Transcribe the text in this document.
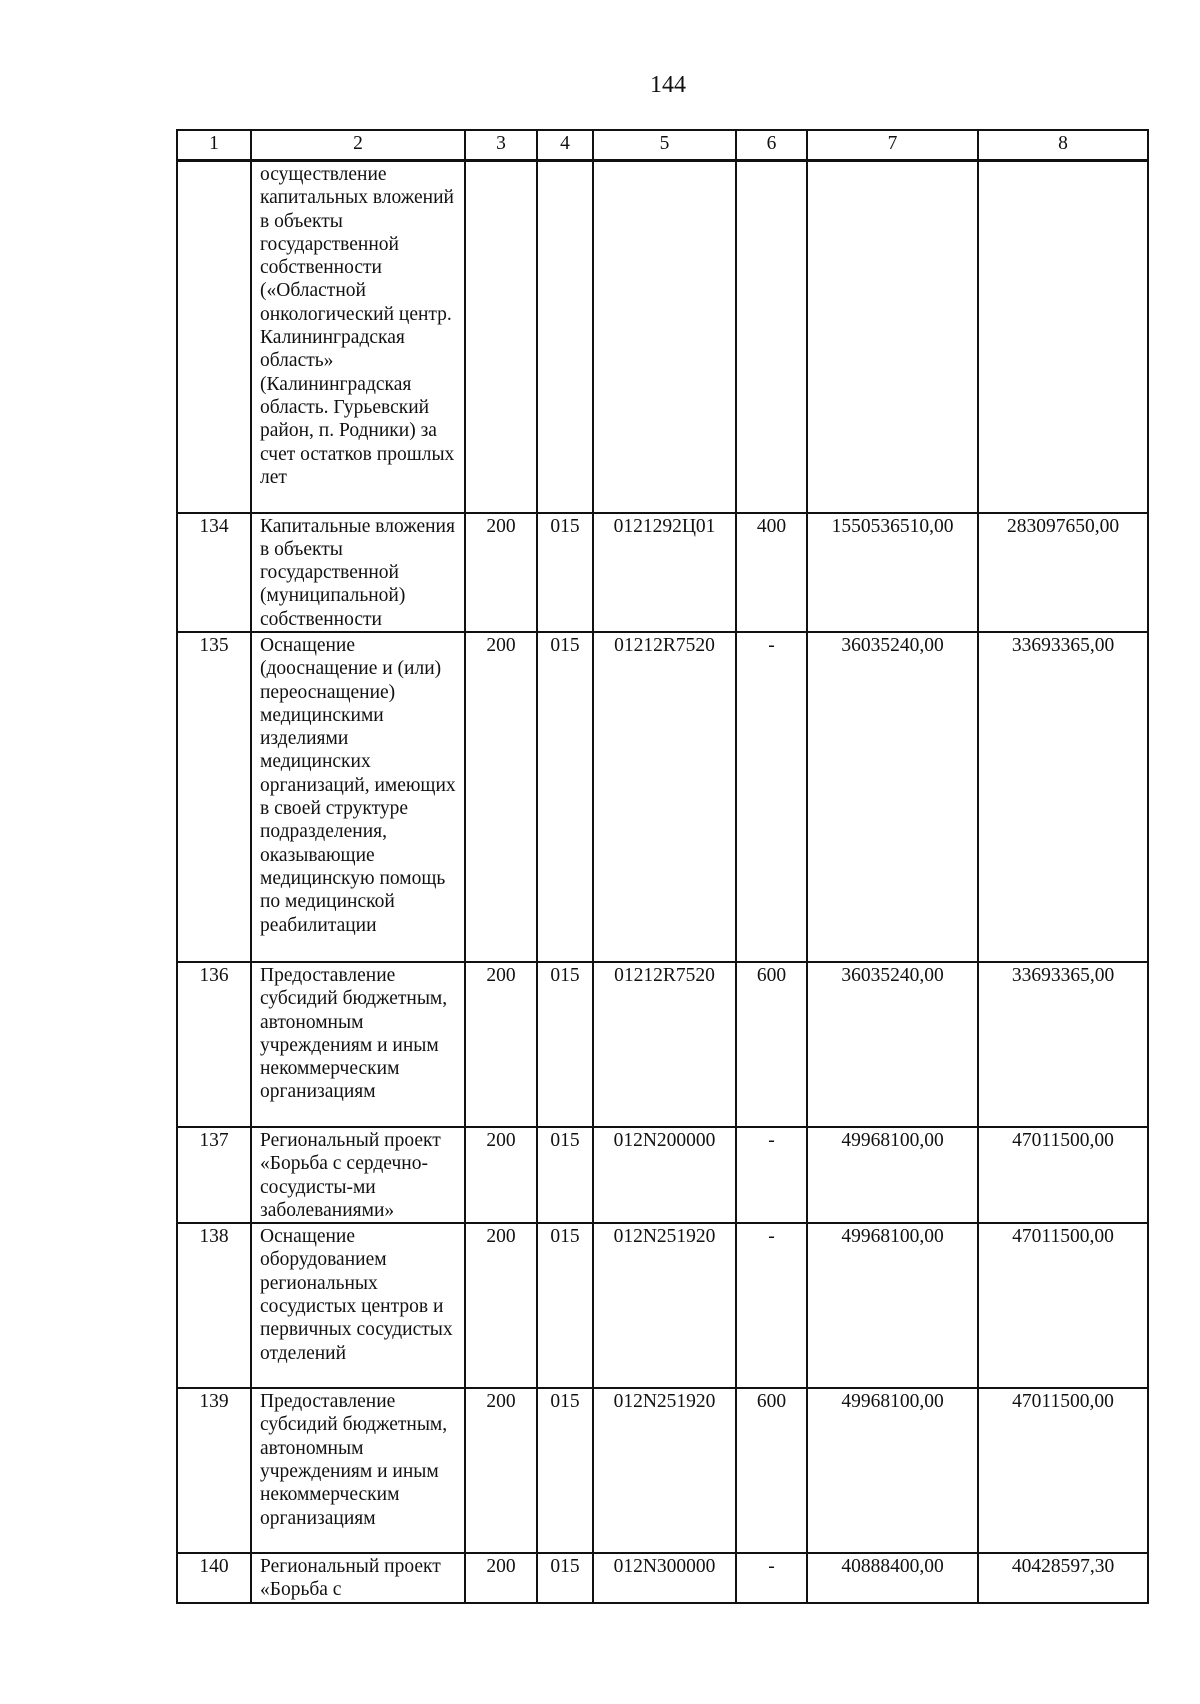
144
1	2	3	4	5	6	7	8
	осуществление капитальных вложений в объекты государственной собственности («Областной онкологический центр. Калининградская область» (Калининградская область. Гурьевский район, п. Родники) за счет остатков прошлых лет						
134	Капитальные вложения в объекты государственной (муниципальной) собственности	200	015	0121292Ц01	400	1550536510,00	283097650,00
135	Оснащение (дооснащение и (или) переоснащение) медицинскими изделиями медицинских организаций, имеющих в своей структуре подразделения, оказывающие медицинскую помощь по медицинской реабилитации	200	015	01212R7520	-	36035240,00	33693365,00
136	Предоставление субсидий бюджетным, автономным учреждениям и иным некоммерческим организациям	200	015	01212R7520	600	36035240,00	33693365,00
137	Региональный проект «Борьба с сердечно-сосудисты-ми заболеваниями»	200	015	012N200000	-	49968100,00	47011500,00
138	Оснащение оборудованием региональных сосудистых центров и первичных сосудистых отделений	200	015	012N251920	-	49968100,00	47011500,00
139	Предоставление субсидий бюджетным, автономным учреждениям и иным некоммерческим организациям	200	015	012N251920	600	49968100,00	47011500,00
140	Региональный проект «Борьба с	200	015	012N300000	-	40888400,00	40428597,30
